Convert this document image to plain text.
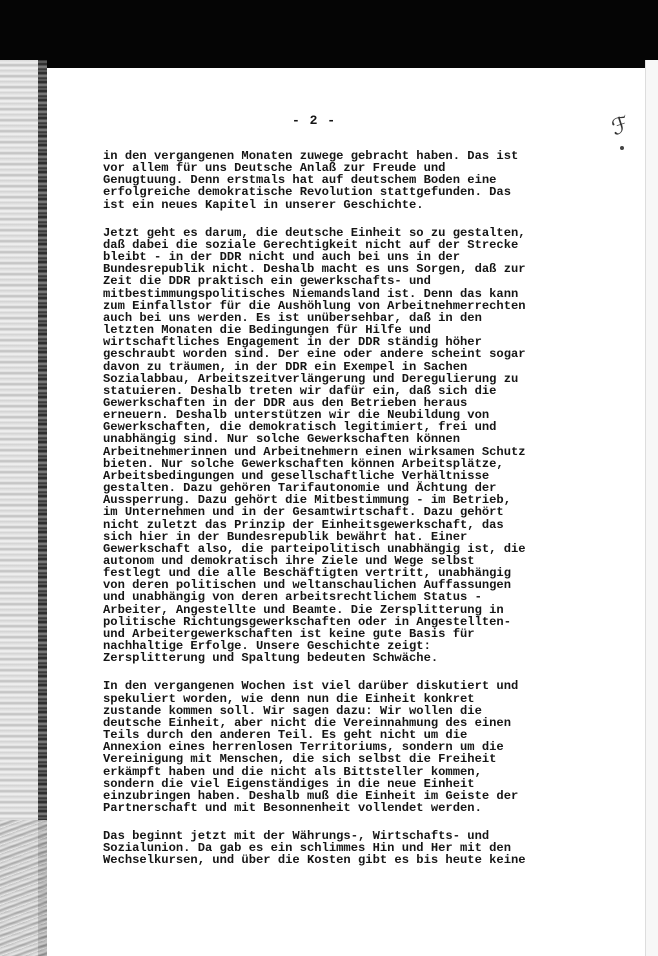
ℱ
- 2 -

in den vergangenen Monaten zuwege gebracht haben. Das ist
vor allem für uns Deutsche Anlaß zur Freude und
Genugtuung. Denn erstmals hat auf deutschem Boden eine
erfolgreiche demokratische Revolution stattgefunden. Das
ist ein neues Kapitel in unserer Geschichte.

Jetzt geht es darum, die deutsche Einheit so zu gestalten,
daß dabei die soziale Gerechtigkeit nicht auf der Strecke
bleibt - in der DDR nicht und auch bei uns in der
Bundesrepublik nicht. Deshalb macht es uns Sorgen, daß zur
Zeit die DDR praktisch ein gewerkschafts- und
mitbestimmungspolitisches Niemandsland ist. Denn das kann
zum Einfallstor für die Aushöhlung von Arbeitnehmerrechten
auch bei uns werden. Es ist unübersehbar, daß in den
letzten Monaten die Bedingungen für Hilfe und
wirtschaftliches Engagement in der DDR ständig höher
geschraubt worden sind. Der eine oder andere scheint sogar
davon zu träumen, in der DDR ein Exempel in Sachen
Sozialabbau, Arbeitszeitverlängerung und Deregulierung zu
statuieren. Deshalb treten wir dafür ein, daß sich die
Gewerkschaften in der DDR aus den Betrieben heraus
erneuern. Deshalb unterstützen wir die Neubildung von
Gewerkschaften, die demokratisch legitimiert, frei und
unabhängig sind. Nur solche Gewerkschaften können
Arbeitnehmerinnen und Arbeitnehmern einen wirksamen Schutz
bieten. Nur solche Gewerkschaften können Arbeitsplätze,
Arbeitsbedingungen und gesellschaftliche Verhältnisse
gestalten. Dazu gehören Tarifautonomie und Ächtung der
Aussperrung. Dazu gehört die Mitbestimmung - im Betrieb,
im Unternehmen und in der Gesamtwirtschaft. Dazu gehört
nicht zuletzt das Prinzip der Einheitsgewerkschaft, das
sich hier in der Bundesrepublik bewährt hat. Einer
Gewerkschaft also, die parteipolitisch unabhängig ist, die
autonom und demokratisch ihre Ziele und Wege selbst
festlegt und die alle Beschäftigten vertritt, unabhängig
von deren politischen und weltanschaulichen Auffassungen
und unabhängig von deren arbeitsrechtlichem Status -
Arbeiter, Angestellte und Beamte. Die Zersplitterung in
politische Richtungsgewerkschaften oder in Angestellten-
und Arbeitergewerkschaften ist keine gute Basis für
nachhaltige Erfolge. Unsere Geschichte zeigt:
Zersplitterung und Spaltung bedeuten Schwäche.

In den vergangenen Wochen ist viel darüber diskutiert und
spekuliert worden, wie denn nun die Einheit konkret
zustande kommen soll. Wir sagen dazu: Wir wollen die
deutsche Einheit, aber nicht die Vereinnahmung des einen
Teils durch den anderen Teil. Es geht nicht um die
Annexion eines herrenlosen Territoriums, sondern um die
Vereinigung mit Menschen, die sich selbst die Freiheit
erkämpft haben und die nicht als Bittsteller kommen,
sondern die viel Eigenständiges in die neue Einheit
einzubringen haben. Deshalb muß die Einheit im Geiste der
Partnerschaft und mit Besonnenheit vollendet werden.

Das beginnt jetzt mit der Währungs-, Wirtschafts- und
Sozialunion. Da gab es ein schlimmes Hin und Her mit den
Wechselkursen, und über die Kosten gibt es bis heute keine
